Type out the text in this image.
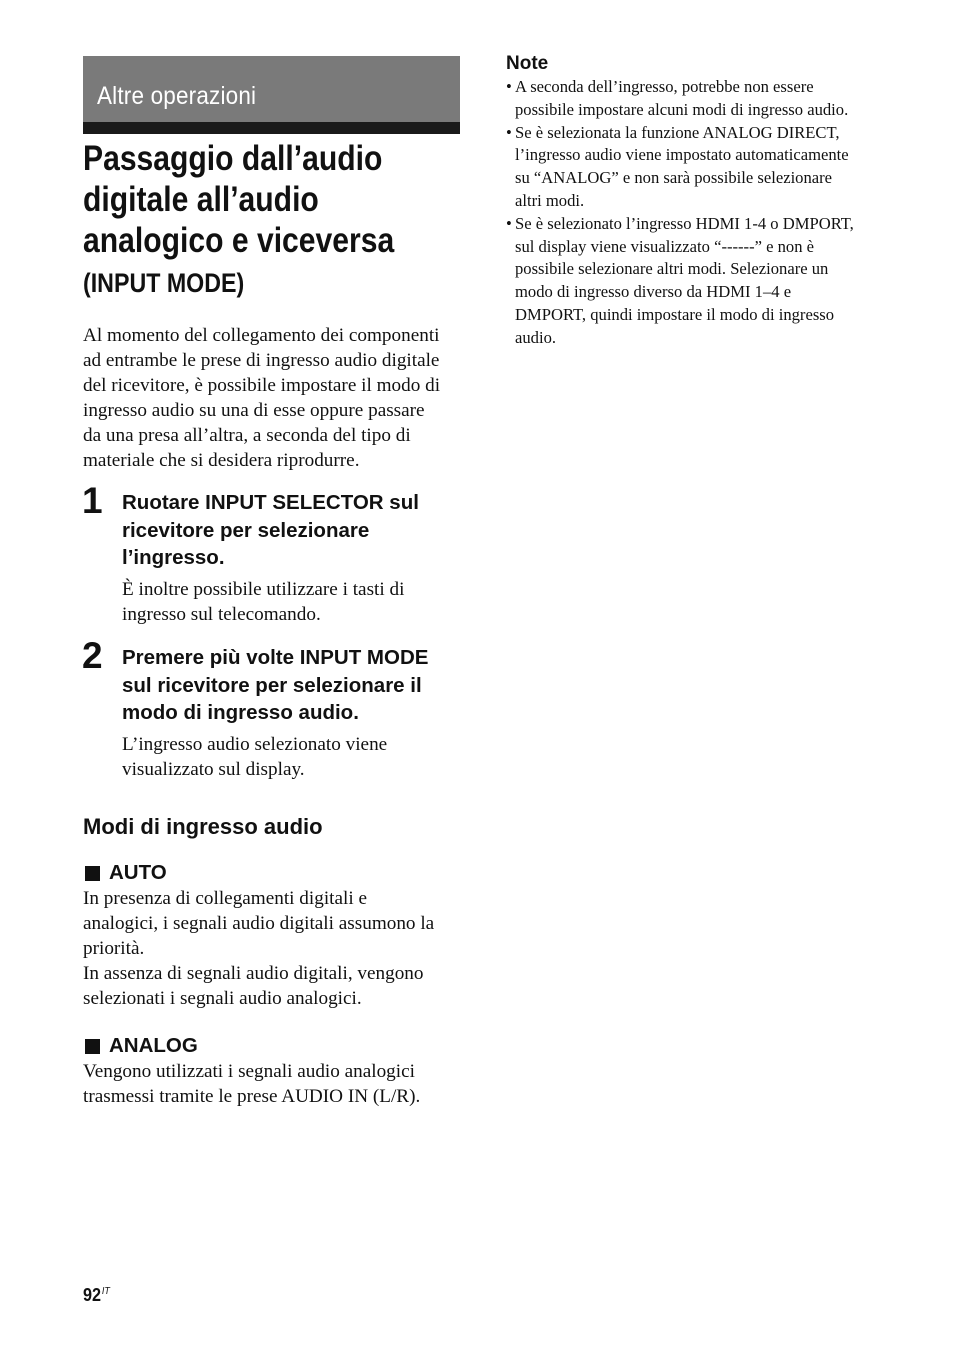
Altre operazioni
Passaggio dall’audio
digitale all’audio
analogico e viceversa
(INPUT MODE)

Al momento del collegamento dei componenti
ad entrambe le prese di ingresso audio digitale
del ricevitore, è possibile impostare il modo di
ingresso audio su una di esse oppure passare
da una presa all’altra, a seconda del tipo di
materiale che si desidera riprodurre.

1 Ruotare INPUT SELECTOR sul
ricevitore per selezionare
l’ingresso.

È inoltre possibile utilizzare i tasti di
ingresso sul telecomando.

2 Premere più volte INPUT MODE
sul ricevitore per selezionare il
modo di ingresso audio.

L’ingresso audio selezionato viene
visualizzato sul display.

Modi di ingresso audio
AUTO

In presenza di collegamenti digitali e
analogici, i segnali audio digitali assumono la
priorità.
In assenza di segnali audio digitali, vengono
selezionati i segnali audio analogici.

ANALOG

Vengono utilizzati i segnali audio analogici
trasmessi tramite le prese AUDIO IN (L/R).

Note
• A seconda dell’ingresso, potrebbe non essere
possibile impostare alcuni modi di ingresso audio.
• Se è selezionata la funzione ANALOG DIRECT,
l’ingresso audio viene impostato automaticamente
su “ANALOG” e non sarà possibile selezionare
altri modi.
• Se è selezionato l’ingresso HDMI 1-4 o DMPORT,
sul display viene visualizzato “------” e non è
possibile selezionare altri modi. Selezionare un
modo di ingresso diverso da HDMI 1–4 e
DMPORT, quindi impostare il modo di ingresso
audio.
$92^{IT}$
